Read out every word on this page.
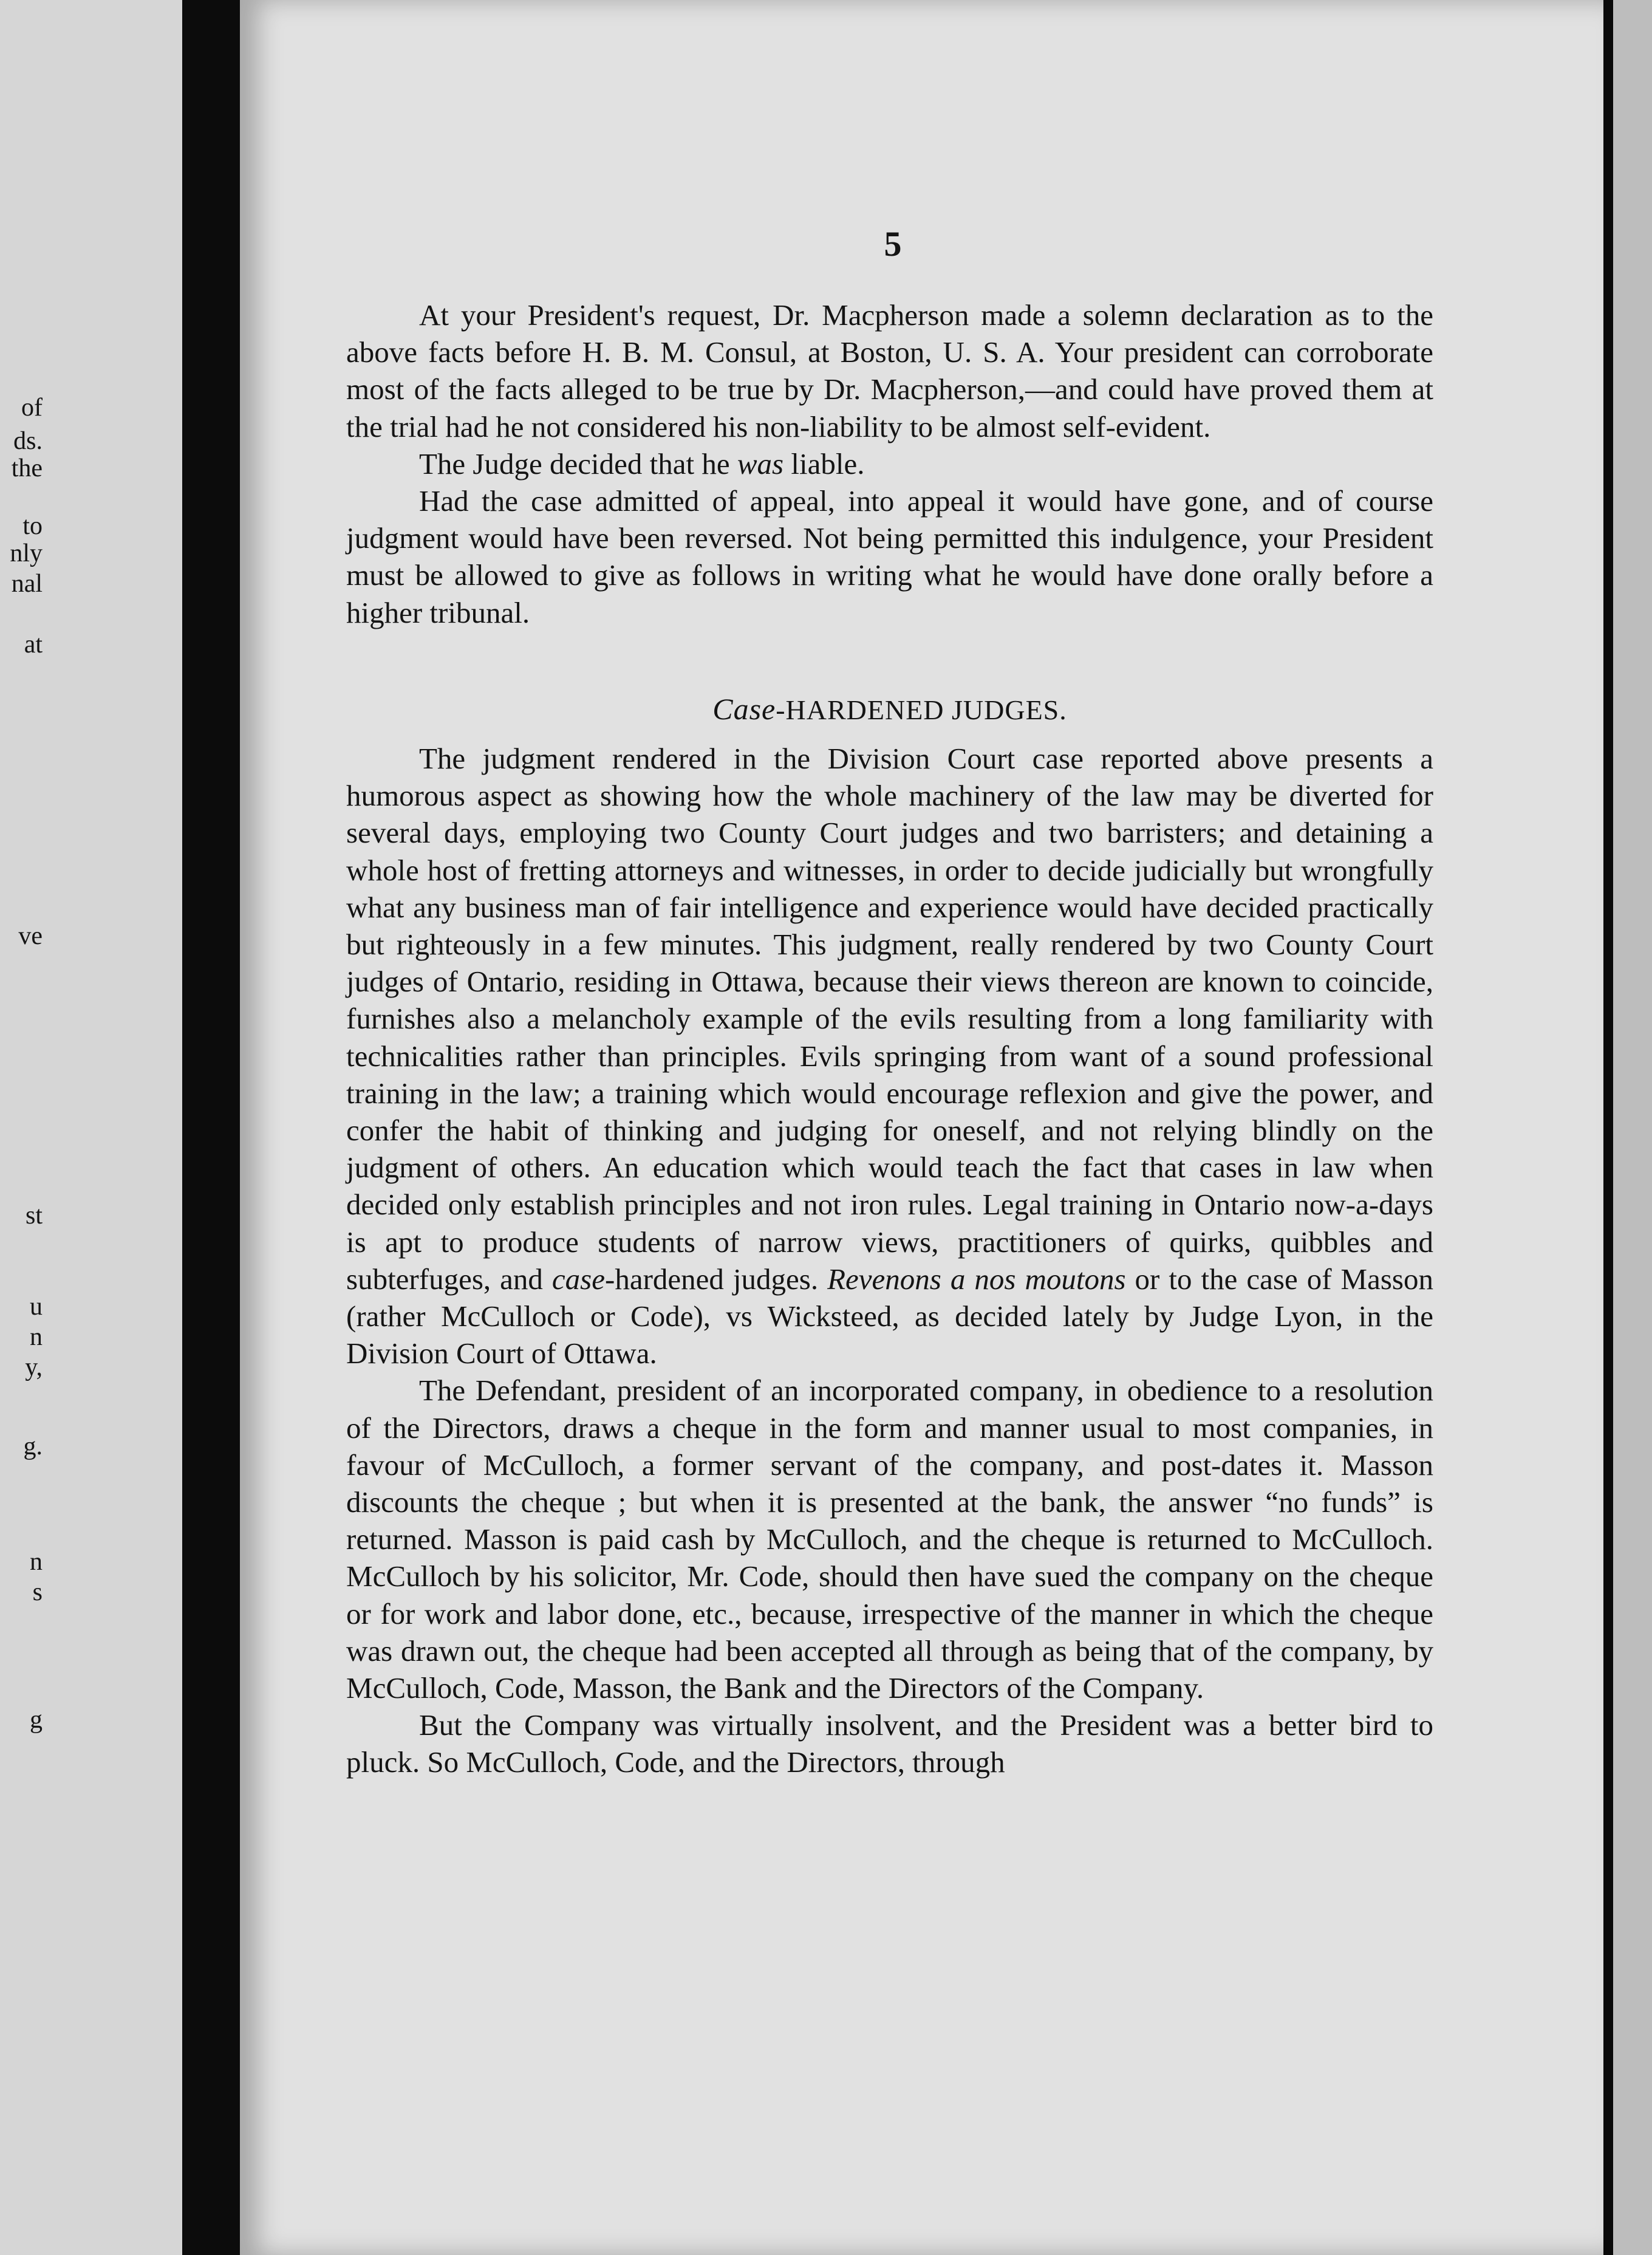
of
ds.
the
to
nly
nal
at
ve
st
u
n
y,
g.
n
s
g
5

At your President's request, Dr. Macpherson made a solemn declaration as to the above facts before H. B. M. Consul, at Boston, U. S. A. Your president can corroborate most of the facts alleged to be true by Dr. Macpherson,—and could have proved them at the trial had he not considered his non-liability to be almost self-evident.

The Judge decided that he was liable.

Had the case admitted of appeal, into appeal it would have gone, and of course judgment would have been reversed. Not being permitted this indulgence, your President must be allowed to give as follows in writing what he would have done orally before a higher tribunal.

Case-HARDENED JUDGES.

The judgment rendered in the Division Court case reported above presents a humorous aspect as showing how the whole machinery of the law may be diverted for several days, employing two County Court judges and two barristers; and detaining a whole host of fretting attorneys and witnesses, in order to decide judicially but wrongfully what any business man of fair intelligence and experience would have decided practically but righteously in a few minutes. This judgment, really rendered by two County Court judges of Ontario, residing in Ottawa, because their views thereon are known to coincide, furnishes also a melancholy example of the evils resulting from a long familiarity with technicalities rather than principles. Evils springing from want of a sound professional training in the law; a training which would encourage reflexion and give the power, and confer the habit of thinking and judging for oneself, and not relying blindly on the judgment of others. An education which would teach the fact that cases in law when decided only establish principles and not iron rules. Legal training in Ontario now-a-days is apt to produce students of narrow views, practitioners of quirks, quibbles and subterfuges, and case-hardened judges. Revenons a nos moutons or to the case of Masson (rather McCulloch or Code), vs Wicksteed, as decided lately by Judge Lyon, in the Division Court of Ottawa.

The Defendant, president of an incorporated company, in obedience to a resolution of the Directors, draws a cheque in the form and manner usual to most companies, in favour of McCulloch, a former servant of the company, and post-dates it. Masson discounts the cheque ; but when it is presented at the bank, the answer “no funds” is returned. Masson is paid cash by McCulloch, and the cheque is returned to McCulloch. McCulloch by his solicitor, Mr. Code, should then have sued the company on the cheque or for work and labor done, etc., because, irrespective of the manner in which the cheque was drawn out, the cheque had been accepted all through as being that of the company, by McCulloch, Code, Masson, the Bank and the Directors of the Company.

But the Company was virtually insolvent, and the President was a better bird to pluck. So McCulloch, Code, and the Directors, through
